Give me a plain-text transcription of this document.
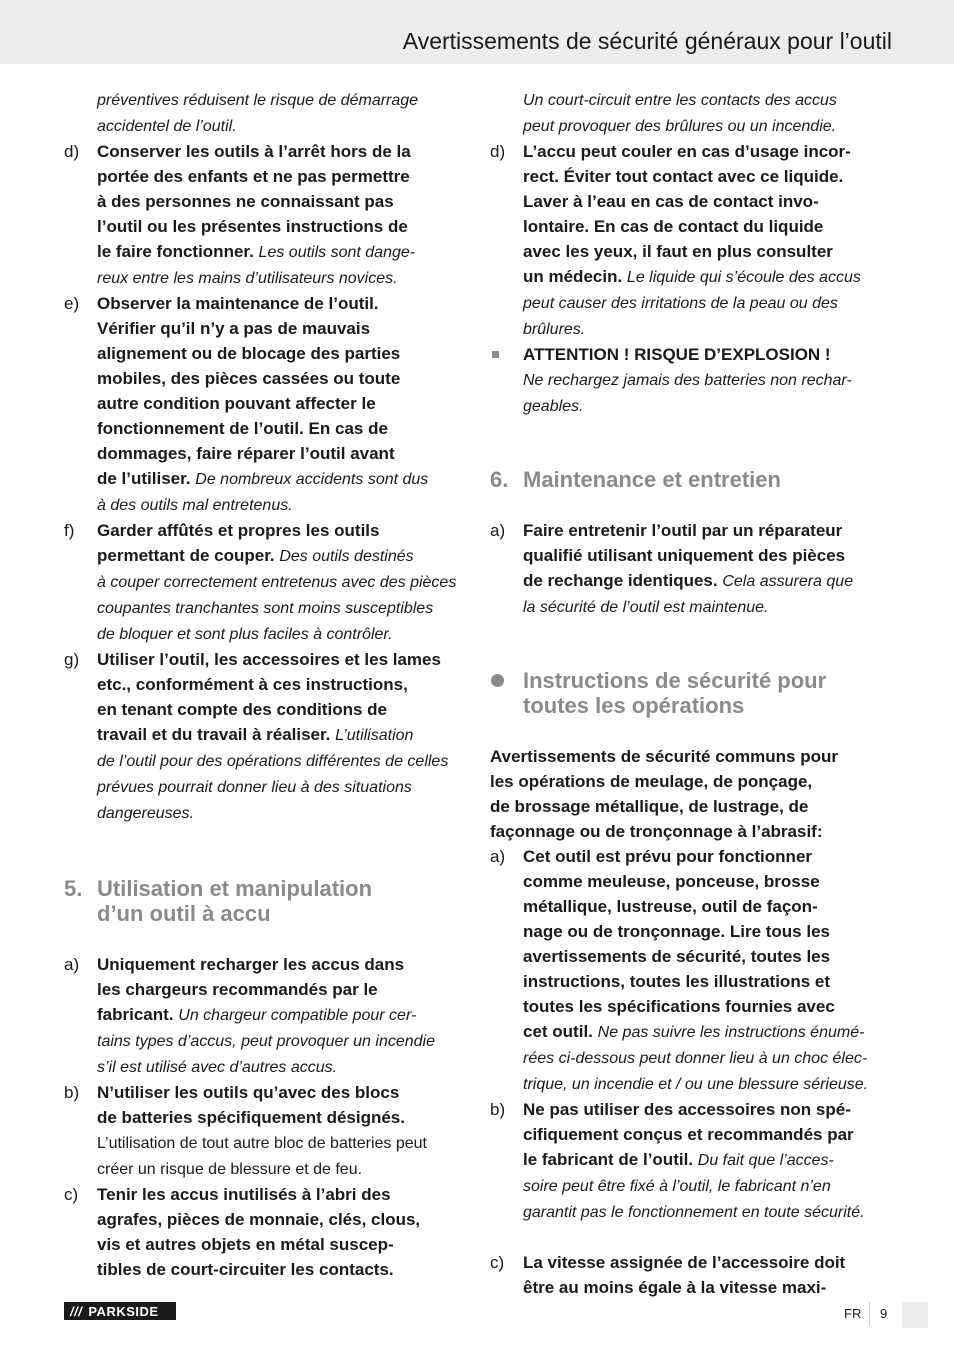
Avertissements de sécurité généraux pour l’outil

préventives réduisent le risque de démarrage
accidentel de l’outil.

d)	Conserver les outils à l’arrêt hors de la
portée des enfants et ne pas permettre
à des personnes ne connaissant pas
l’outil ou les présentes instructions de
le faire fonctionner. Les outils sont dange-
reux entre les mains d’utilisateurs novices.
e)	Observer la maintenance de l’outil.
Vérifier qu’il n’y a pas de mauvais
alignement ou de blocage des parties
mobiles, des pièces cassées ou toute
autre condition pouvant affecter le
fonctionnement de l’outil. En cas de
dommages, faire réparer l’outil avant
de l’utiliser. De nombreux accidents sont dus
à des outils mal entretenus.
f)	Garder affûtés et propres les outils
permettant de couper. Des outils destinés
à couper correctement entretenus avec des pièces
coupantes tranchantes sont moins susceptibles
de bloquer et sont plus faciles à contrôler.
g)	Utiliser l’outil, les accessoires et les lames
etc., conformément à ces instructions,
en tenant compte des conditions de
travail et du travail à réaliser. L’utilisation
de l’outil pour des opérations différentes de celles
prévues pourrait donner lieu à des situations
dangereuses.
5. Utilisation et manipulation
d’un outil à accu
a)	Uniquement recharger les accus dans
les chargeurs recommandés par le
fabricant. Un chargeur compatible pour cer-
tains types d’accus, peut provoquer un incendie
s’il est utilisé avec d’autres accus.
b)	N’utiliser les outils qu’avec des blocs
de batteries spécifiquement désignés.
L’utilisation de tout autre bloc de batteries peut
créer un risque de blessure et de feu.
c)	Tenir les accus inutilisés à l’abri des
agrafes, pièces de monnaie, clés, clous,
vis et autres objets en métal suscep-
tibles de court-circuiter les contacts.

Un court-circuit entre les contacts des accus
peut provoquer des brûlures ou un incendie.

d)	L’accu peut couler en cas d’usage incor-
rect. Éviter tout contact avec ce liquide.
Laver à l’eau en cas de contact invo-
lontaire. En cas de contact du liquide
avec les yeux, il faut en plus consulter
un médecin. Le liquide qui s’écoule des accus
peut causer des irritations de la peau ou des
brûlures.
ATTENTION ! RISQUE D’EXPLOSION !
Ne rechargez jamais des batteries non rechar-
geables.
6. Maintenance et entretien
a)	Faire entretenir l’outil par un réparateur
qualifié utilisant uniquement des pièces
de rechange identiques. Cela assurera que
la sécurité de l’outil est maintenue.
Instructions de sécurité pour
toutes les opérations

Avertissements de sécurité communs pour
les opérations de meulage, de ponçage,
de brossage métallique, de lustrage, de
façonnage ou de tronçonnage à l’abrasif:

a)	Cet outil est prévu pour fonctionner
comme meuleuse, ponceuse, brosse
métallique, lustreuse, outil de façon-
nage ou de tronçonnage. Lire tous les
avertissements de sécurité, toutes les
instructions, toutes les illustrations et
toutes les spécifications fournies avec
cet outil. Ne pas suivre les instructions énumé-
rées ci-dessous peut donner lieu à un choc élec-
trique, un incendie et / ou une blessure sérieuse.
b)	Ne pas utiliser des accessoires non spé-
cifiquement conçus et recommandés par
le fabricant de l’outil. Du fait que l’acces-
soire peut être fixé à l’outil, le fabricant n’en
garantit pas le fonctionnement en toute sécurité.
c)	La vitesse assignée de l’accessoire doit
être au moins égale à la vitesse maxi-
/// PARKSIDE	FR 9
